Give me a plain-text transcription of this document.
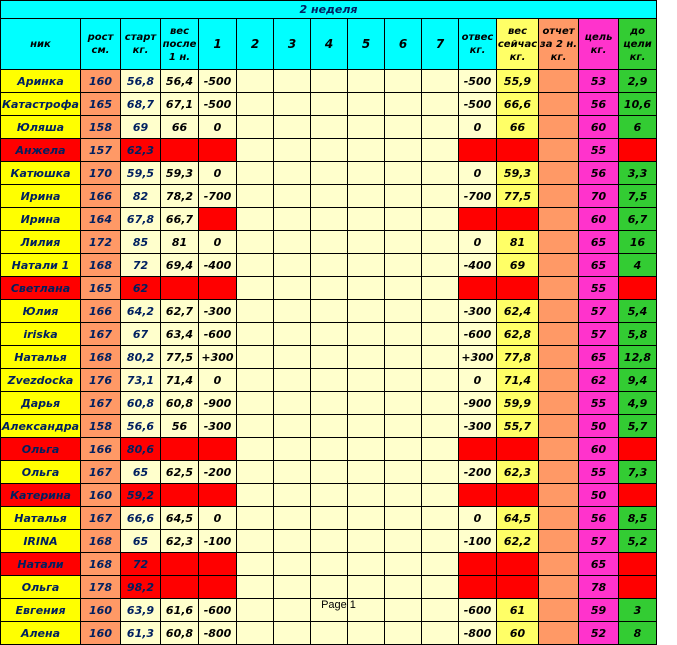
2 неделя															
ник	рост см.	старт кг.	вес после 1 н.	1	2	3	4	5	6	7	отвес кг.	вес сейчас кг.	отчет за 2 н. кг.	цель кг.	до цели кг.
Аринка	160	56,8	56,4	-500							-500	55,9		53	2,9
Катастрофа	165	68,7	67,1	-500							-500	66,6		56	10,6
Юляша	158	69	66	0							0	66		60	6
Анжела	157	62,3												55	
Катюшка	170	59,5	59,3	0							0	59,3		56	3,3
Ирина	166	82	78,2	-700							-700	77,5		70	7,5
Ирина	164	67,8	66,7											60	6,7
Лилия	172	85	81	0							0	81		65	16
Натали 1	168	72	69,4	-400							-400	69		65	4
Светлана	165	62												55	
Юлия	166	64,2	62,7	-300							-300	62,4		57	5,4
iriska	167	67	63,4	-600							-600	62,8		57	5,8
Наталья	168	80,2	77,5	+300							+300	77,8		65	12,8
Zvezdocka	176	73,1	71,4	0							0	71,4		62	9,4
Дарья	167	60,8	60,8	-900							-900	59,9		55	4,9
Александра	158	56,6	56	-300							-300	55,7		50	5,7
Ольга	166	80,6												60	
Ольга	167	65	62,5	-200							-200	62,3		55	7,3
Катерина	160	59,2												50	
Наталья	167	66,6	64,5	0							0	64,5		56	8,5
IRINA	168	65	62,3	-100							-100	62,2		57	5,2
Натали	168	72												65	
Ольга	178	98,2												78	
Евгения	160	63,9	61,6	-600							-600	61		59	3
Алена	160	61,3	60,8	-800							-800	60		52	8
Page 1
